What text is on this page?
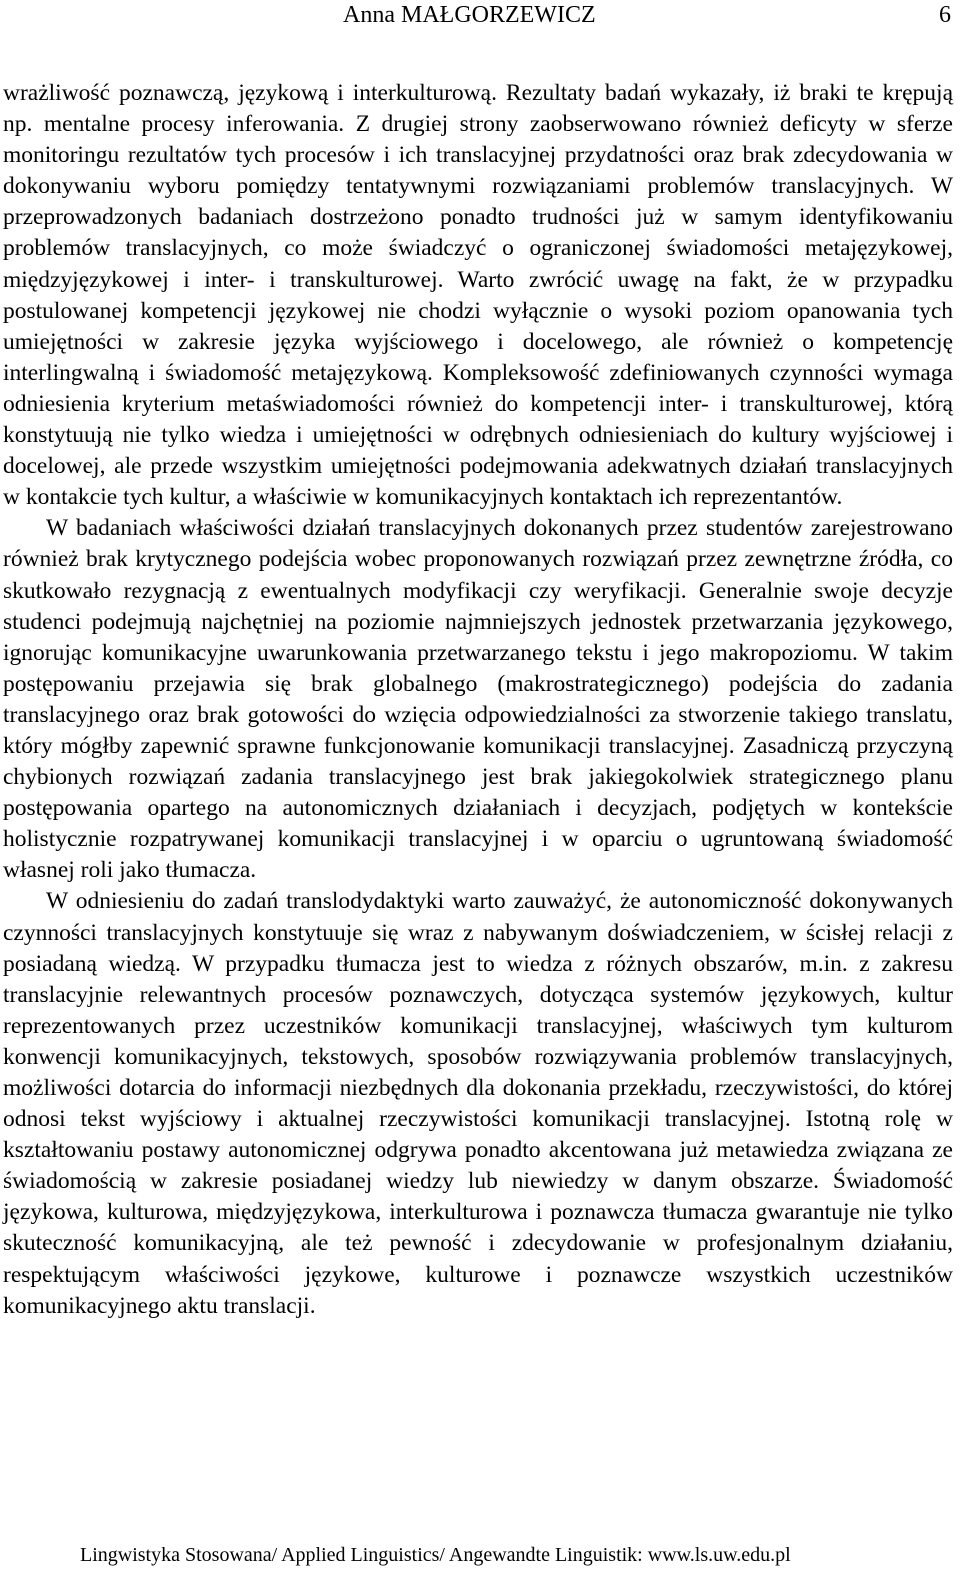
Anna MAŁGORZEWICZ	6

wrażliwość poznawczą, językową i interkulturową. Rezultaty badań wykazały, iż braki te krępują np. mentalne procesy inferowania. Z drugiej strony zaobserwowano również deficyty w sferze monitoringu rezultatów tych procesów i ich translacyjnej przydatności oraz brak zdecydowania w dokonywaniu wyboru pomiędzy tentatywnymi rozwiązaniami problemów translacyjnych. W przeprowadzonych badaniach dostrzeżono ponadto trudności już w samym identyfikowaniu problemów translacyjnych, co może świadczyć o ograniczonej świadomości metajęzykowej, międzyjęzykowej i inter- i transkulturowej. Warto zwrócić uwagę na fakt, że w przypadku postulowanej kompetencji językowej nie chodzi wyłącznie o wysoki poziom opanowania tych umiejętności w zakresie języka wyjściowego i docelowego, ale również o kompetencję interlingwalną i świadomość metajęzykową. Kompleksowość zdefiniowanych czynności wymaga odniesienia kryterium metaświadomości również do kompetencji inter- i transkulturowej, którą konstytuują nie tylko wiedza i umiejętności w odrębnych odniesieniach do kultury wyjściowej i docelowej, ale przede wszystkim umiejętności podejmowania adekwatnych działań translacyjnych w kontakcie tych kultur, a właściwie w komunikacyjnych kontaktach ich reprezentantów.

W badaniach właściwości działań translacyjnych dokonanych przez studentów zarejestrowano również brak krytycznego podejścia wobec proponowanych rozwiązań przez zewnętrzne źródła, co skutkowało rezygnacją z ewentualnych modyfikacji czy weryfikacji. Generalnie swoje decyzje studenci podejmują najchętniej na poziomie najmniejszych jednostek przetwarzania językowego, ignorując komunikacyjne uwarunkowania przetwarzanego tekstu i jego makropoziomu. W takim postępowaniu przejawia się brak globalnego (makrostrategicznego) podejścia do zadania translacyjnego oraz brak gotowości do wzięcia odpowiedzialności za stworzenie takiego translatu, który mógłby zapewnić sprawne funkcjonowanie komunikacji translacyjnej. Zasadniczą przyczyną chybionych rozwiązań zadania translacyjnego jest brak jakiegokolwiek strategicznego planu postępowania opartego na autonomicznych działaniach i decyzjach, podjętych w kontekście holistycznie rozpatrywanej komunikacji translacyjnej i w oparciu o ugruntowaną świadomość własnej roli jako tłumacza.

W odniesieniu do zadań translodydaktyki warto zauważyć, że autonomiczność dokonywanych czynności translacyjnych konstytuuje się wraz z nabywanym doświadczeniem, w ścisłej relacji z posiadaną wiedzą. W przypadku tłumacza jest to wiedza z różnych obszarów, m.in. z zakresu translacyjnie relewantnych procesów poznawczych, dotycząca systemów językowych, kultur reprezentowanych przez uczestników komunikacji translacyjnej, właściwych tym kulturom konwencji komunikacyjnych, tekstowych, sposobów rozwiązywania problemów translacyjnych, możliwości dotarcia do informacji niezbędnych dla dokonania przekładu, rzeczywistości, do której odnosi tekst wyjściowy i aktualnej rzeczywistości komunikacji translacyjnej. Istotną rolę w kształtowaniu postawy autonomicznej odgrywa ponadto akcentowana już metawiedza związana ze świadomością w zakresie posiadanej wiedzy lub niewiedzy w danym obszarze. Świadomość językowa, kulturowa, międzyjęzykowa, interkulturowa i poznawcza tłumacza gwarantuje nie tylko skuteczność komunikacyjną, ale też pewność i zdecydowanie w profesjonalnym działaniu, respektującym właściwości językowe, kulturowe i poznawcze wszystkich uczestników komunikacyjnego aktu translacji.

Lingwistyka Stosowana/ Applied Linguistics/ Angewandte Linguistik: www.ls.uw.edu.pl
